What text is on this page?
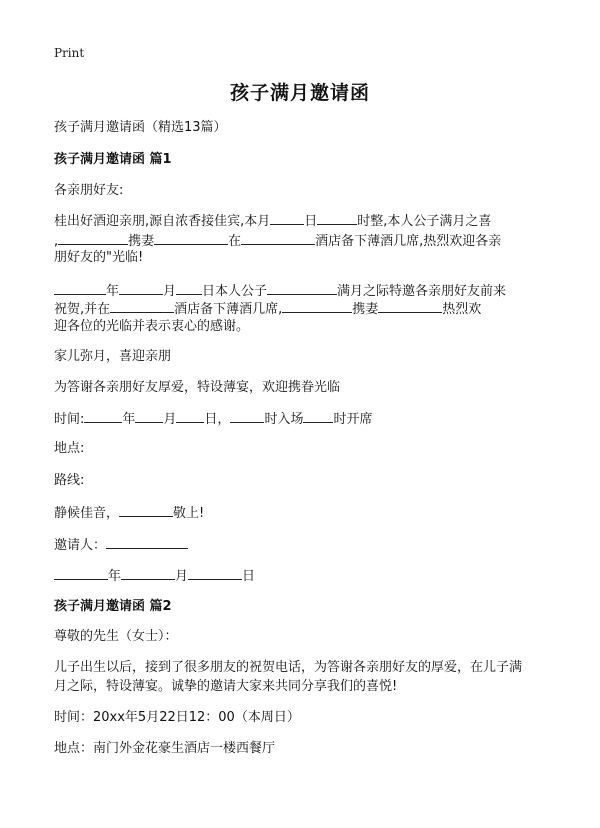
Print
孩子满月邀请函
孩子满月邀请函（精选13篇）
孩子满月邀请函 篇1
各亲朋好友:
桂出好酒迎亲朋,源自浓香接佳宾,本月	日	时整,本人公子满月之喜
,	携妻	在	酒店备下薄酒几席,热烈欢迎各亲
朋好友的"光临!
年	月 日本人公子	满月之际特邀各亲朋好友前来
祝贺,并在	酒店备下薄酒几席,	携妻	热烈欢
迎各位的光临并表示衷心的感谢。
家儿弥月，喜迎亲朋
为答谢各亲朋好友厚爱，特设薄宴，欢迎携眷光临
时间:	年 月 日，	时入场 时开席
地点:
路线:
静候佳音，	敬上!
邀请人：
年	月	日
孩子满月邀请函 篇2
尊敬的先生（女士）：
儿子出生以后，接到了很多朋友的祝贺电话，为答谢各亲朋好友的厚爱，在儿子满
月之际，特设薄宴。诚挚的邀请大家来共同分享我们的喜悦!
时间：20xx年5月22日12：00（本周日）
地点：南门外金花豪生酒店一楼西餐厅
